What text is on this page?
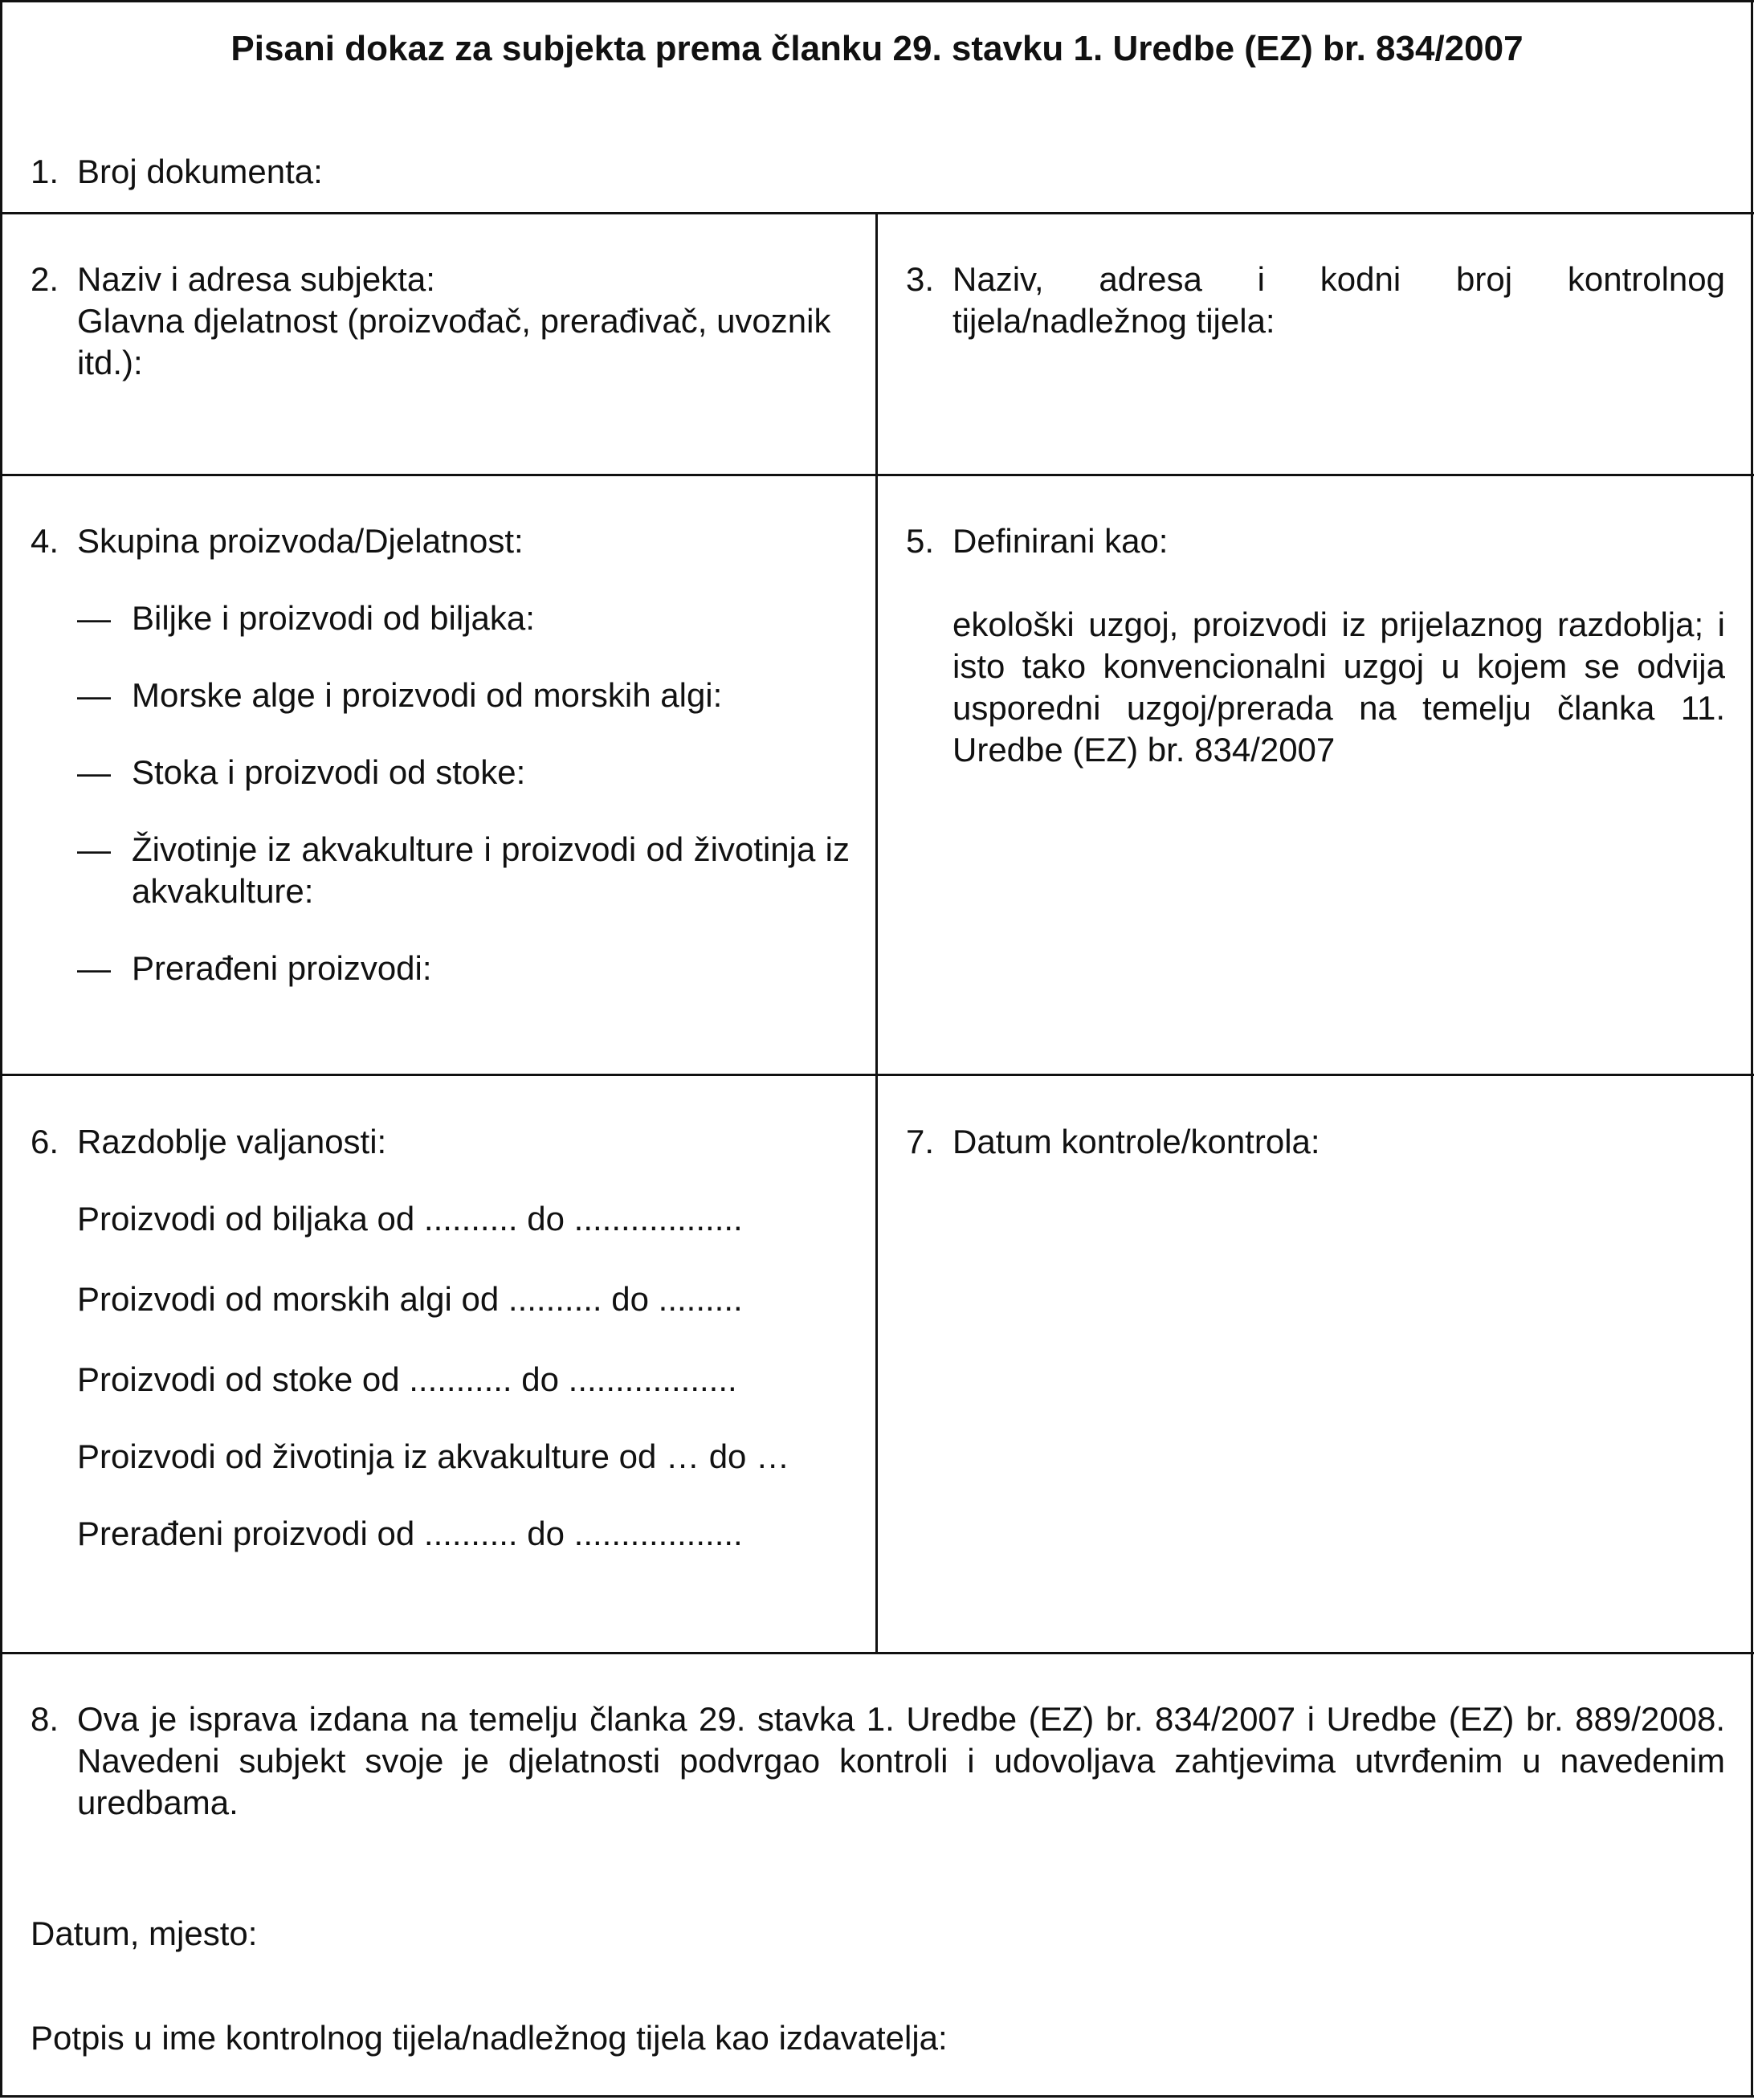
Pisani dokaz za subjekta prema članku 29. stavku 1. Uredbe (EZ) br. 834/2007
1. Broj dokumenta:
2. Naziv i adresa subjekta:
Glavna djelatnost (proizvođač, prerađivač, uvoznik itd.):
3. Naziv, adresa i kodni broj kontrolnog tijela/nadležnog tijela:
4. Skupina proizvoda/Djelatnost:
— Biljke i proizvodi od biljaka:
— Morske alge i proizvodi od morskih algi:
— Stoka i proizvodi od stoke:
— Životinje iz akvakulture i proizvodi od životinja iz akvakulture:
— Prerađeni proizvodi:
5. Definirani kao:
ekološki uzgoj, proizvodi iz prijelaznog razdoblja; i isto tako konvencionalni uzgoj u kojem se odvija usporedni uzgoj/prerada na temelju članka 11. Uredbe (EZ) br. 834/2007
6. Razdoblje valjanosti:
Proizvodi od biljaka od .......... do ..................
Proizvodi od morskih algi od .......... do .........
Proizvodi od stoke od ........... do ..................
Proizvodi od životinja iz akvakulture od … do …
Prerađeni proizvodi od .......... do ..................
7. Datum kontrole/kontrola:
8. Ova je isprava izdana na temelju članka 29. stavka 1. Uredbe (EZ) br. 834/2007 i Uredbe (EZ) br. 889/2008. Navedeni subjekt svoje je djelatnosti podvrgao kontroli i udovoljava zahtjevima utvrđenim u navedenim uredbama.
Datum, mjesto:
Potpis u ime kontrolnog tijela/nadležnog tijela kao izdavatelja:
